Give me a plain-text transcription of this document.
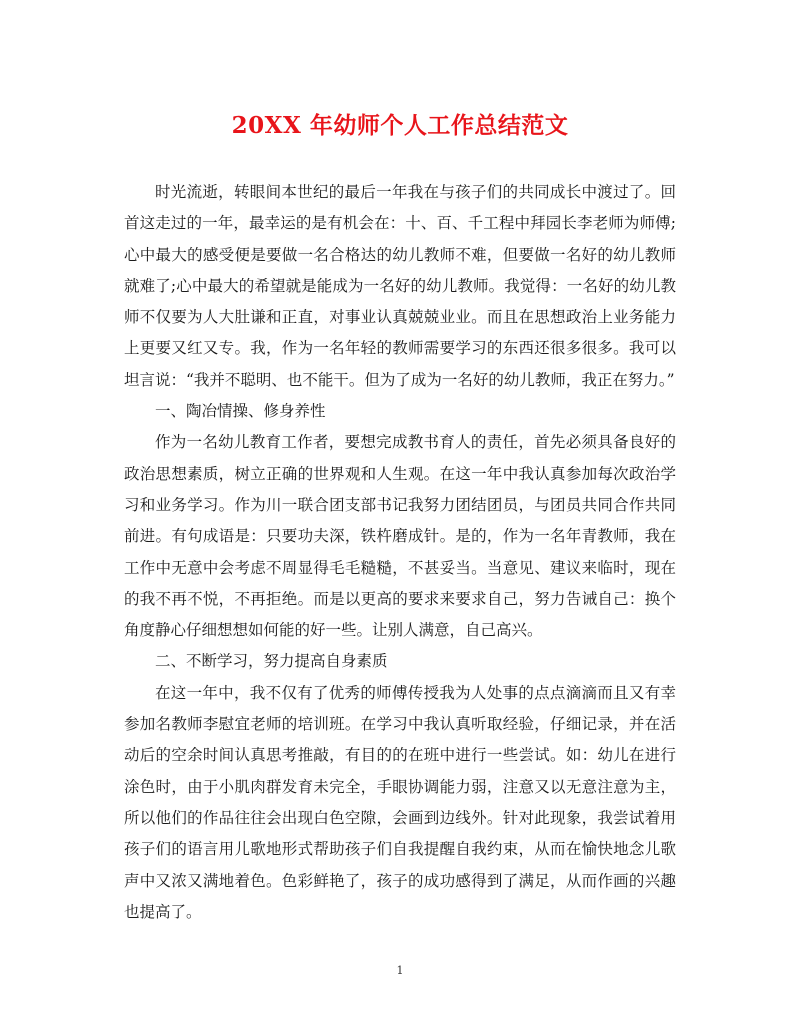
20XX 年幼师个人工作总结范文

时光流逝，转眼间本世纪的最后一年我在与孩子们的共同成长中渡过了。回首这走过的一年，最幸运的是有机会在：十、百、千工程中拜园长李老师为师傅;心中最大的感受便是要做一名合格达的幼儿教师不难，但要做一名好的幼儿教师就难了;心中最大的希望就是能成为一名好的幼儿教师。我觉得：一名好的幼儿教师不仅要为人大肚谦和正直，对事业认真兢兢业业。而且在思想政治上业务能力上更要又红又专。我，作为一名年轻的教师需要学习的东西还很多很多。我可以坦言说：“我并不聪明、也不能干。但为了成为一名好的幼儿教师，我正在努力。”

一、陶冶情操、修身养性

作为一名幼儿教育工作者，要想完成教书育人的责任，首先必须具备良好的政治思想素质，树立正确的世界观和人生观。在这一年中我认真参加每次政治学习和业务学习。作为川一联合团支部书记我努力团结团员，与团员共同合作共同前进。有句成语是：只要功夫深，铁杵磨成针。是的，作为一名年青教师，我在工作中无意中会考虑不周显得毛毛糙糙，不甚妥当。当意见、建议来临时，现在的我不再不悦，不再拒绝。而是以更高的要求来要求自己，努力告诫自己：换个角度静心仔细想想如何能的好一些。让别人满意，自己高兴。

二、不断学习，努力提高自身素质

在这一年中，我不仅有了优秀的师傅传授我为人处事的点点滴滴而且又有幸参加名教师李慰宜老师的培训班。在学习中我认真听取经验，仔细记录，并在活动后的空余时间认真思考推敲，有目的的在班中进行一些尝试。如：幼儿在进行涂色时，由于小肌肉群发育未完全，手眼协调能力弱，注意又以无意注意为主，所以他们的作品往往会出现白色空隙，会画到边线外。针对此现象，我尝试着用孩子们的语言用儿歌地形式帮助孩子们自我提醒自我约束，从而在愉快地念儿歌声中又浓又满地着色。色彩鲜艳了，孩子的成功感得到了满足，从而作画的兴趣也提高了。

1
